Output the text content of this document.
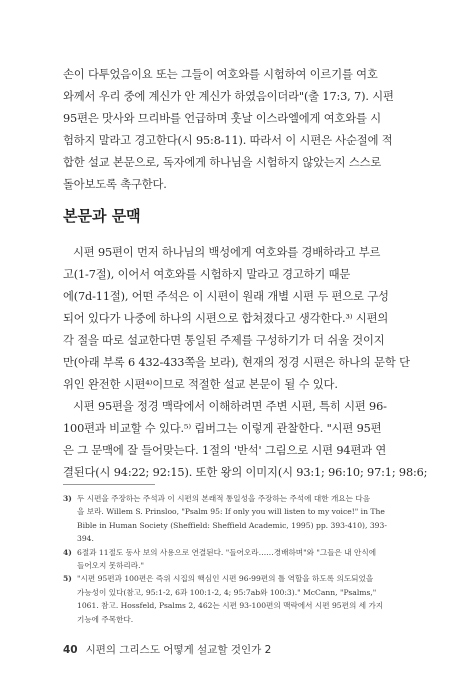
손이 다투었음이요 또는 그들이 여호와를 시험하여 이르기를 여호
와께서 우리 중에 계신가 안 계신가 하였음이더라"(출 17:3, 7). 시편
95편은 맛사와 므리바를 언급하며 훗날 이스라엘에게 여호와를 시
험하지 말라고 경고한다(시 95:8-11). 따라서 이 시편은 사순절에 적
합한 설교 본문으로, 독자에게 하나님을 시험하지 않았는지 스스로
돌아보도록 촉구한다.
본문과 문맥
시편 95편이 먼저 하나님의 백성에게 여호와를 경배하라고 부르
고(1-7절), 이어서 여호와를 시험하지 말라고 경고하기 때문
에(7d-11절), 어떤 주석은 이 시편이 원래 개별 시편 두 편으로 구성
되어 있다가 나중에 하나의 시편으로 합쳐졌다고 생각한다.³⁾ 시편의
각 절을 따로 설교한다면 통일된 주제를 구성하기가 더 쉬울 것이지
만(아래 부록 6 432-433쪽을 보라), 현재의 정경 시편은 하나의 문학 단
위인 완전한 시편⁴⁾이므로 적절한 설교 본문이 될 수 있다.
시편 95편을 정경 맥락에서 이해하려면 주변 시편, 특히 시편 96-
100편과 비교할 수 있다.⁵⁾ 림버그는 이렇게 관찰한다. "시편 95편
은 그 문맥에 잘 들어맞는다. 1절의 '반석' 그림으로 시편 94편과 연
결된다(시 94:22; 92:15). 또한 왕의 이미지(시 93:1; 96:10; 97:1; 98:6;
3) 두 시편을 주장하는 주석과 이 시편의 본래적 통일성을 주장하는 주석에 대한 개요는 다음
을 보라. Willem S. Prinsloo, "Psalm 95: If only you will listen to my voice!" in The
Bible in Human Society (Sheffield: Sheffield Academic, 1995) pp. 393-410), 393-
394.
4) 6절과 11절도 동사 보의 사용으로 연결된다. "들어오라……경배하며"와 "그들은 내 안식에
들어오지 못하리라."
5) "시편 95편과 100편은 즉위 시집의 핵심인 시편 96-99편의 틀 역할을 하도록 의도되었을
가능성이 있다(참고, 95:1-2, 6과 100:1-2, 4; 95:7ab와 100:3)." McCann, "Psalms,"
1061. 참고. Hossfeld, Psalms 2, 462는 시편 93-100편의 맥락에서 시편 95편의 세 가지
기능에 주목한다.
40 시편의 그리스도 어떻게 설교할 것인가 2
